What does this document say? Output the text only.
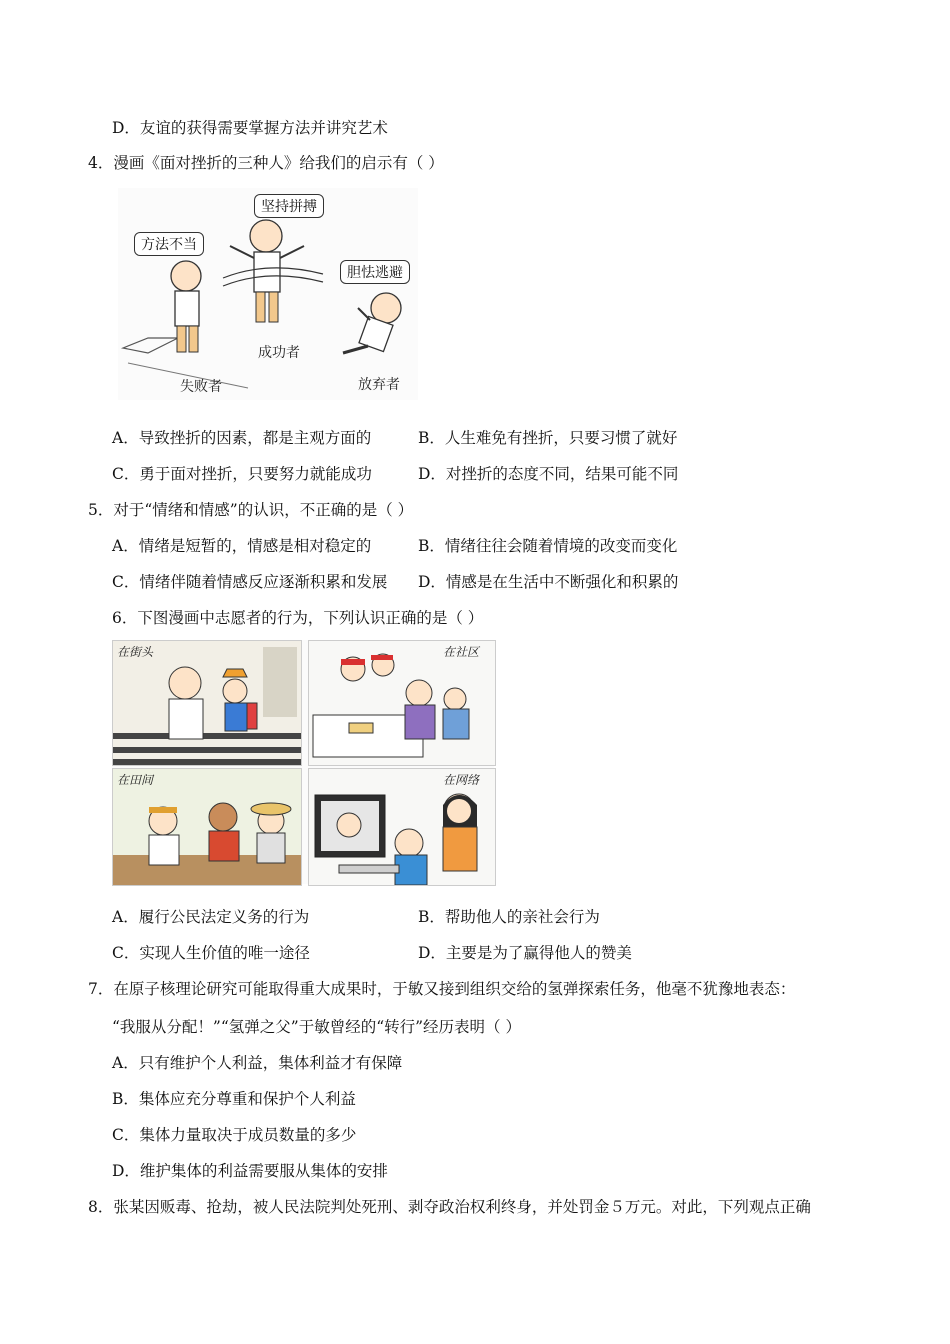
D．友谊的获得需要掌握方法并讲究艺术
4．漫画《面对挫折的三种人》给我们的启示有（ ）
方法不当
坚持拼搏
胆怯逃避
失败者
成功者
放弃者
A．导致挫折的因素，都是主观方面的	B．人生难免有挫折，只要习惯了就好
C．勇于面对挫折，只要努力就能成功	D．对挫折的态度不同，结果可能不同
5．对于“情绪和情感”的认识，不正确的是（ ）
A．情绪是短暂的，情感是相对稳定的	B．情绪往往会随着情境的改变而变化
C．情绪伴随着情感反应逐渐积累和发展 D．情感是在生活中不断强化和积累的
6．下图漫画中志愿者的行为，下列认识正确的是（ ）
在街头	在社区
在田间	在网络
A．履行公民法定义务的行为	B．帮助他人的亲社会行为
C．实现人生价值的唯一途径	D．主要是为了赢得他人的赞美
7．在原子核理论研究可能取得重大成果时，于敏又接到组织交给的氢弹探索任务，他毫不犹豫地表态：
“我服从分配！”“氢弹之父”于敏曾经的“转行”经历表明（ ）
A．只有维护个人利益，集体利益才有保障
B．集体应充分尊重和保护个人利益
C．集体力量取决于成员数量的多少
D．维护集体的利益需要服从集体的安排
8．张某因贩毒、抢劫，被人民法院判处死刑、剥夺政治权利终身，并处罚金５万元。对此，下列观点正确
